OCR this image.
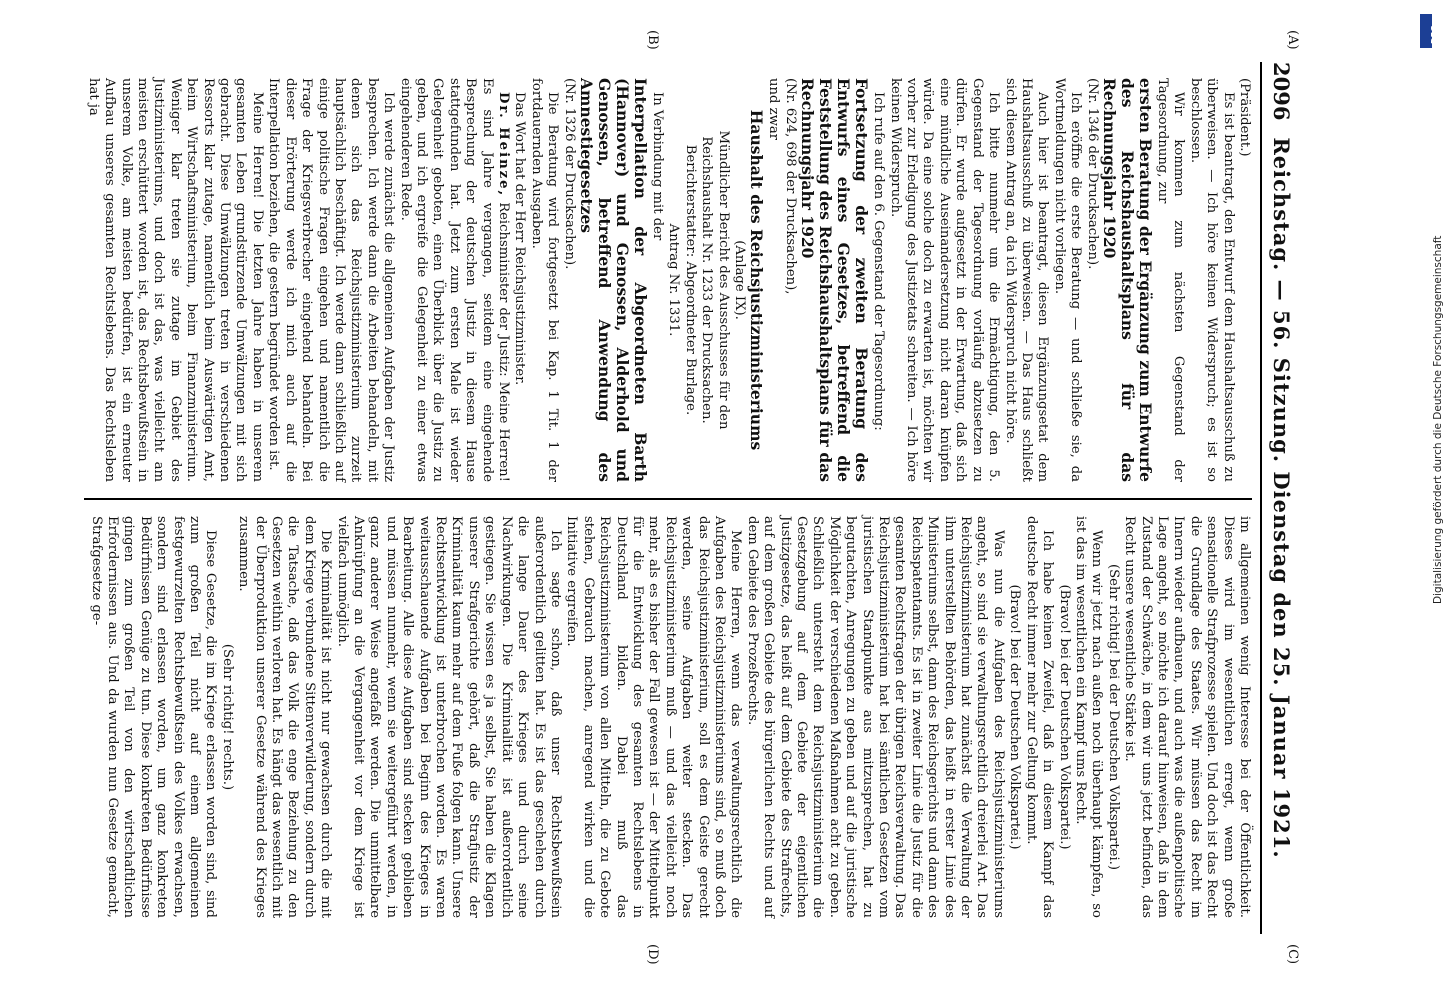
2096
Reichstag. — 56. Sitzung. Dienstag den 25. Januar 1921.

(Präsident.)

Es ist beantragt, den Entwurf dem Haushaltsausschuß zu überweisen. — Ich höre keinen Widerspruch; es ist so beschlossen.

Wir kommen zum nächsten Gegenstand der Tagesordnung, zur

ersten Beratung der Ergänzung zum Entwurfe des Reichshaushaltsplans für das Rechnungsjahr 1920

(Nr. 1346 der Drucksachen).

Ich eröffne die erste Beratung — und schließe sie, da Wortmeldungen nicht vorliegen.

Auch hier ist beantragt, diesen Ergänzungsetat dem Haushaltsausschuß zu überweisen. — Das Haus schließt sich diesem Antrag an, da ich Widerspruch nicht höre.

Ich bitte nunmehr um die Ermächtigung, den 5. Gegenstand der Tagesordnung vorläufig abzusetzen zu dürfen. Er wurde aufgesetzt in der Erwartung, daß sich eine mündliche Auseinandersetzung nicht daran knüpfen würde. Da eine solche doch zu erwarten ist, möchten wir vorher zur Erledigung des Justizetats schreiten. — Ich höre keinen Widerspruch.

Ich rufe auf den 6. Gegenstand der Tagesordnung:

Fortsetzung der zweiten Beratung des Entwurfs eines Gesetzes, betreffend die Feststellung des Reichshaushaltsplans für das Rechnungsjahr 1920

(Nr. 624, 698 der Drucksachen),

und zwar

Haushalt des Reichsjustizministeriums

(Anlage IX).

Mündlicher Bericht des Ausschusses für den Reichshaushalt Nr. 1233 der Drucksachen.

Berichterstatter: Abgeordneter Burlage.

Antrag Nr. 1331.

In Verbindung mit der

Interpellation der Abgeordneten Barth (Hannover) und Genossen, Alderhold und Genossen, betreffend Anwendung des Amnestiegesetzes

(Nr. 1326 der Drucksachen).

Die Beratung wird fortgesetzt bei Kap. 1 Tit. 1 der fortdauernden Ausgaben.

Das Wort hat der Herr Reichsjustizminister.

Dr. Heinze, Reichsminister der Justiz: Meine Herren! Es sind Jahre vergangen, seitdem eine eingehende Besprechung der deutschen Justiz in diesem Hause stattgefunden hat. Jetzt zum ersten Male ist wieder Gelegenheit geboten, einen Überblick über die Justiz zu geben, und ich ergreife die Gelegenheit zu einer etwas eingehenderen Rede.

Ich werde zunächst die allgemeinen Aufgaben der Justiz besprechen. Ich werde dann die Arbeiten behandeln, mit denen sich das Reichsjustizministerium zurzeit hauptsächlich beschäftigt. Ich werde dann schließlich auf einige politische Fragen eingehen und namentlich die Frage der Kriegsverbrecher eingehend behandeln. Bei dieser Erörterung werde ich mich auch auf die Interpellation beziehen, die gestern begründet worden ist.

Meine Herren! Die letzten Jahre haben in unserem gesamten Leben grundstürzende Umwälzungen mit sich gebracht. Diese Umwälzungen treten in verschiedenen Ressorts klar zutage, namentlich beim Auswärtigen Amt, beim Wirtschaftsministerium, beim Finanzministerium. Weniger klar treten sie zutage im Gebiet des Justizministeriums, und doch ist das, was vielleicht am meisten erschüttert worden ist, das Rechtsbewußtsein in unserem Volke, am meisten bedürfen, ist ein erneuter Aufbau unseres gesamten Rechtslebens. Das Rechtsleben hat ja

im allgemeinen wenig Interesse bei der Öffentlichkeit. Dieses wird im wesentlichen erregt, wenn große sensationelle Strafprozesse spielen. Und doch ist das Recht die Grundlage des Staates. Wir müssen das Recht im Innern wieder aufbauen, und auch was die außenpolitische Lage angeht, so möchte ich darauf hinweisen, daß in dem Zustand der Schwäche, in dem wir uns jetzt befinden, das Recht unsere wesentliche Stärke ist.

(Sehr richtig! bei der Deutschen Volkspartei.)

Wenn wir jetzt nach außen noch überhaupt kämpfen, so ist das im wesentlichen ein Kampf ums Recht.

(Bravo! bei der Deutschen Volkspartei.)

Ich habe keinen Zweifel, daß in diesem Kampf das deutsche Recht immer mehr zur Geltung kommt.

(Bravo! bei der Deutschen Volkspartei.)

Was nun die Aufgaben des Reichsjustizministeriums angeht, so sind sie verwaltungsrechtlich dreierlei Art. Das Reichsjustizministerium hat zunächst die Verwaltung der ihm unterstellten Behörden, das heißt in erster Linie des Ministeriums selbst, dann des Reichsgerichts und dann des Reichspatentamts. Es ist in zweiter Linie die Justiz für die gesamten Rechtsfragen der übrigen Reichsverwaltung. Das Reichsjustizministerium hat bei sämtlichen Gesetzen vom juristischen Standpunkte aus mitzusprechen, hat zu begutachten, Anregungen zu geben und auf die juristische Möglichkeit der verschiedenen Maßnahmen acht zu geben. Schließlich untersteht dem Reichsjustizministerium die Gesetzgebung auf dem Gebiete der eigentlichen Justizgesetze, das heißt auf dem Gebiete des Strafrechts, auf dem großen Gebiete des bürgerlichen Rechts und auf dem Gebiete des Prozeßrechts.

Meine Herren, wenn das verwaltungsrechtlich die Aufgaben des Reichsjustizministeriums sind, so muß doch das Reichsjustizministerium, soll es dem Geiste gerecht werden, seine Aufgaben weiter stecken. Das Reichsjustizministerium muß — und das vielleicht noch mehr, als es bisher der Fall gewesen ist — der Mittelpunkt für die Entwicklung des gesamten Rechtslebens in Deutschland bilden. Dabei muß das Reichsjustizministerium von allen Mitteln, die zu Gebote stehen, Gebrauch machen, anregend wirken und die Initiative ergreifen.

Ich sagte schon, daß unser Rechtsbewußtsein außerordentlich gelitten hat. Es ist das geschehen durch die lange Dauer des Krieges und durch seine Nachwirkungen. Die Kriminalität ist außerordentlich gestiegen. Sie wissen es ja selbst, Sie haben die Klagen unserer Strafgerichte gehört, daß die Strafjustiz der Kriminalität kaum mehr auf dem Fuße folgen kann. Unsere Rechtsentwicklung ist unterbrochen worden. Es waren weitausschauende Aufgaben bei Beginn des Krieges in Bearbeitung. Alle diese Aufgaben sind stecken geblieben und müssen nunmehr, wenn sie weitergeführt werden, in ganz anderer Weise angefaßt werden. Die unmittelbare Anknüpfung an die Vergangenheit vor dem Kriege ist vielfach unmöglich.

Die Kriminalität ist nicht nur gewachsen durch die mit dem Kriege verbundene Sittenverwilderung, sondern durch die Tatsache, daß das Volk die enge Beziehung zu den Gesetzen weithin verloren hat. Es hängt das wesentlich mit der Überproduktion unserer Gesetze während des Krieges zusammen.

(Sehr richtig! rechts.)

Diese Gesetze, die im Kriege erlassen worden sind, sind zum großen Teil nicht auf einem allgemeinen festgewurzelten Rechtsbewußtsein des Volkes erwachsen, sondern sind erlassen worden, um ganz konkreten Bedürfnissen Genüge zu tun. Diese konkreten Bedürfnisse gingen zum großen Teil von den wirtschaftlichen Erfordernissen aus. Und da wurden nun Gesetze gemacht, Strafgesetze ge-

(A)
(B)
(C)
(D)
DFG
Digitalisierung gefördert durch die Deutsche Forschungsgemeinschaft
